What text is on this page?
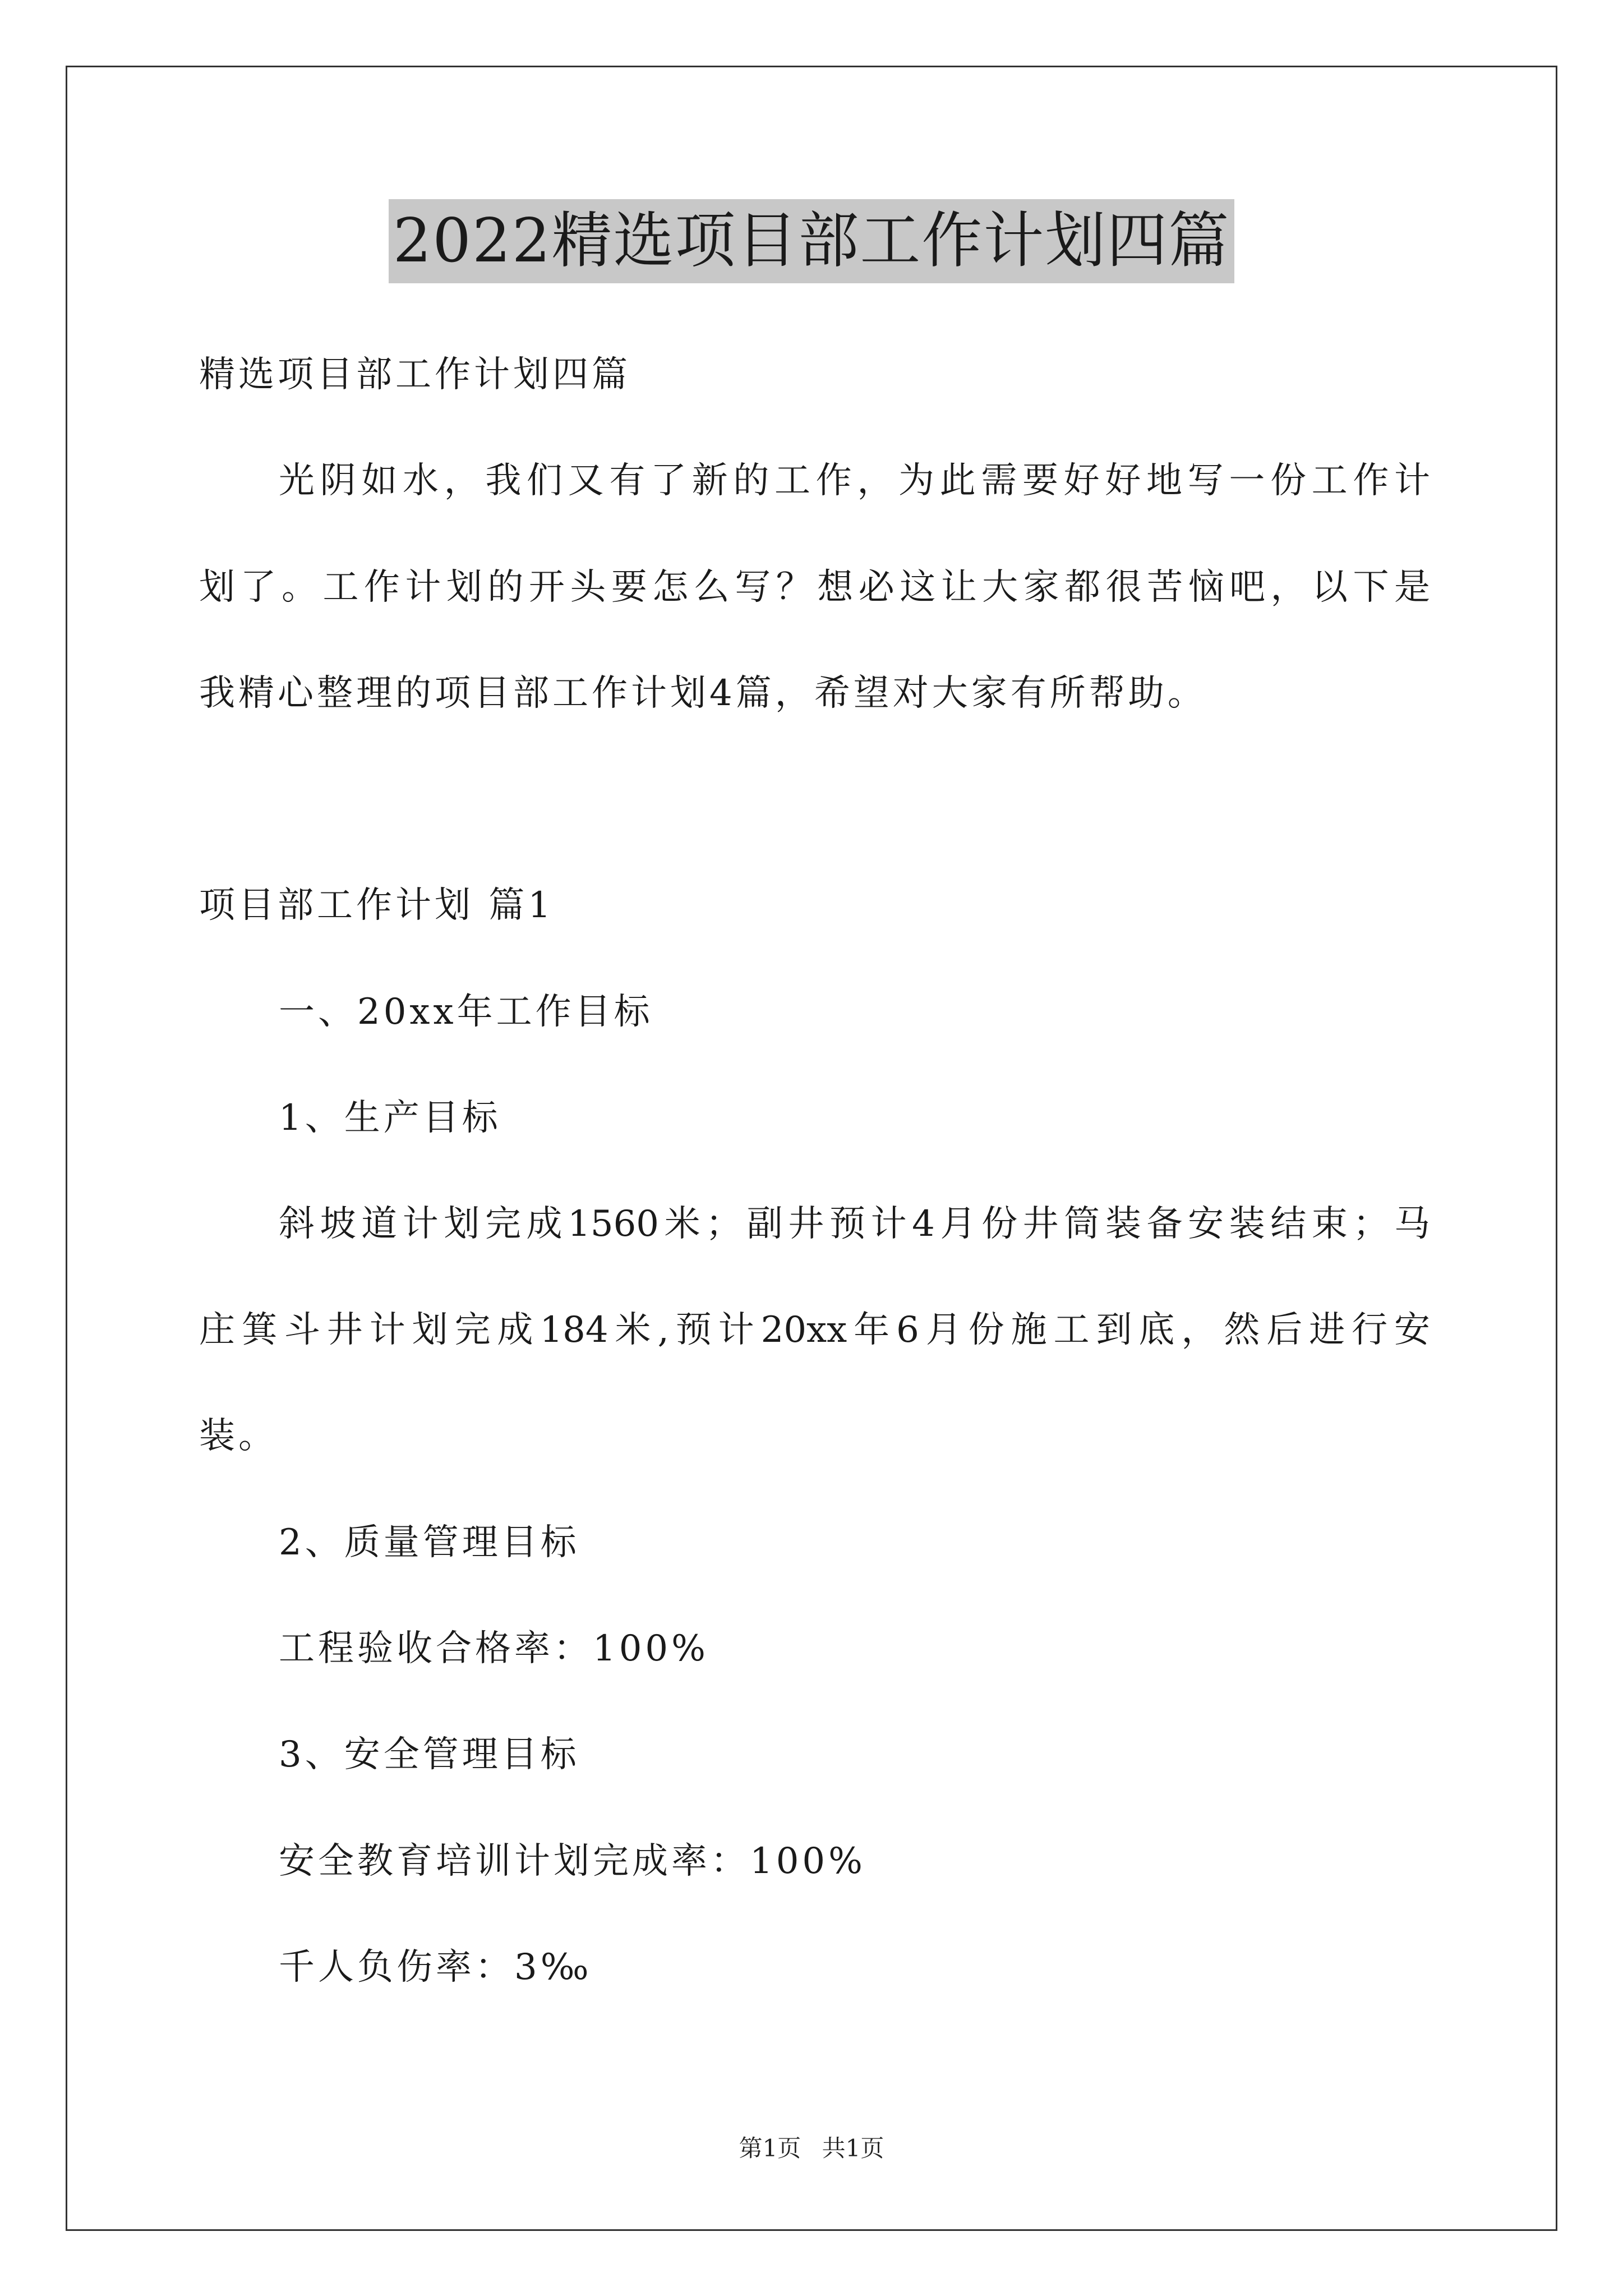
2022精选项目部工作计划四篇
精选项目部工作计划四篇
光阴如水，我们又有了新的工作，为此需要好好地写一份工作计
划了。工作计划的开头要怎么写？想必这让大家都很苦恼吧，以下是
我精心整理的项目部工作计划4篇，希望对大家有所帮助。
项目部工作计划 篇1
一、20xx年工作目标
1、生产目标
斜坡道计划完成1560米；副井预计4月份井筒装备安装结束；马
庄箕斗井计划完成184米,预计20xx年6月份施工到底，然后进行安
装。
2、质量管理目标
工程验收合格率：100%
3、安全管理目标
安全教育培训计划完成率：100%
千人负伤率：3‰
第1页 共1页
